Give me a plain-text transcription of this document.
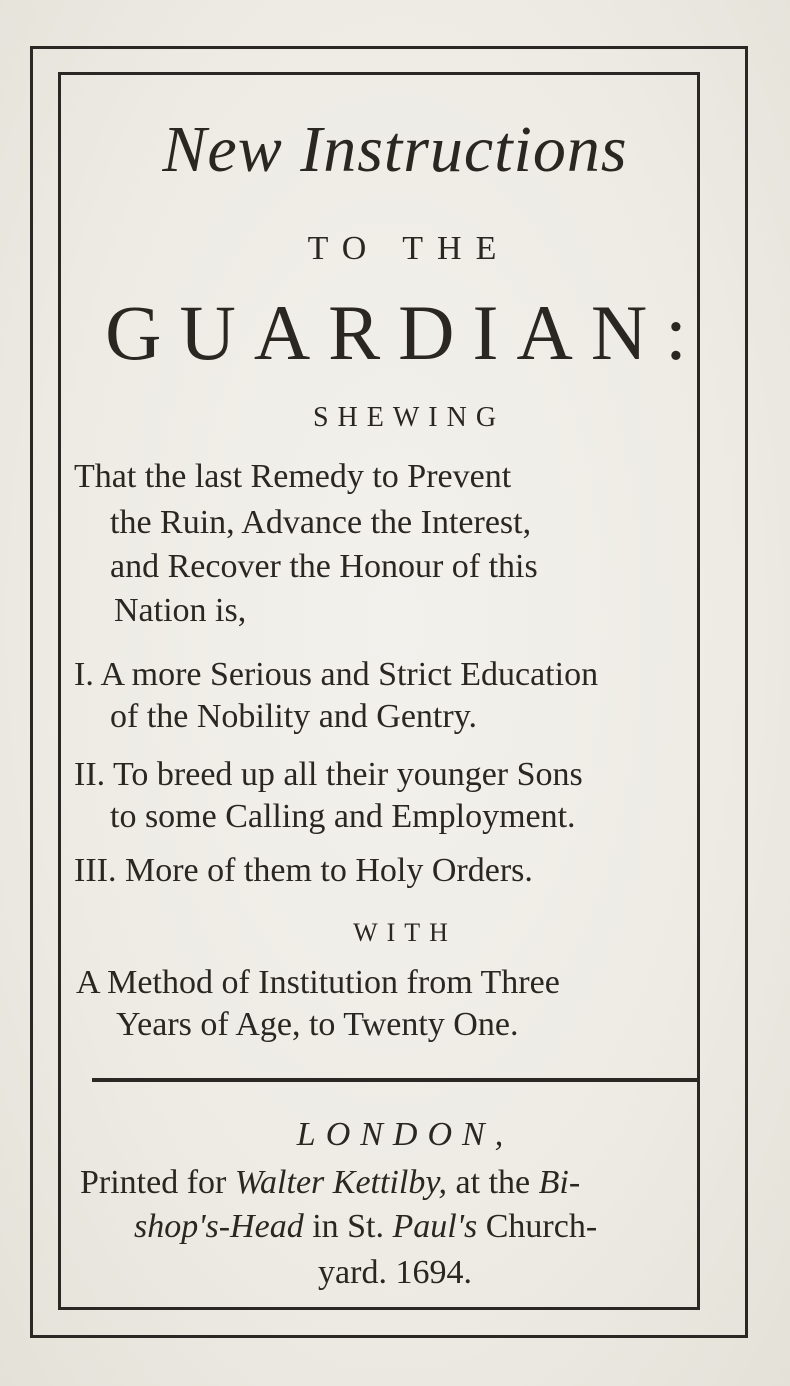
New Instructions
TO THE
GUARDIAN:
SHEWING
That the last Remedy to Prevent
the Ruin, Advance the Interest,
and Recover the Honour of this
Nation is,
I. A more Serious and Strict Education
of the Nobility and Gentry.
II. To breed up all their younger Sons
to some Calling and Employment.
III. More of them to Holy Orders.
WITH
A Method of Institution from Three
Years of Age, to Twenty One.
LONDON,
Printed for Walter Kettilby, at the Bi-
shop's-Head in St. Paul's Church-
yard. 1694.
